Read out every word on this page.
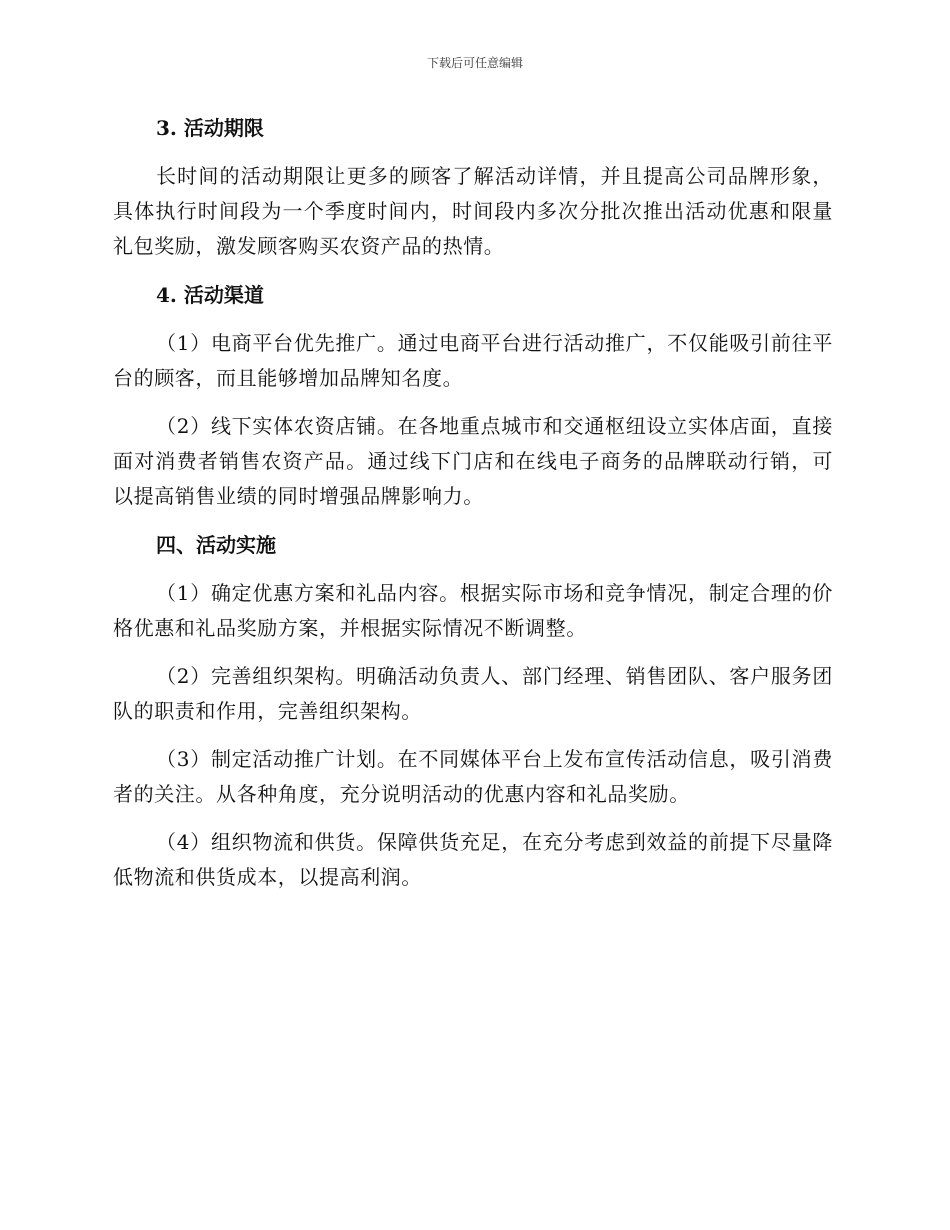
下载后可任意编辑
3. 活动期限

长时间的活动期限让更多的顾客了解活动详情，并且提高公司品牌形象，具体执行时间段为一个季度时间内，时间段内多次分批次推出活动优惠和限量礼包奖励，激发顾客购买农资产品的热情。

4. 活动渠道

（1）电商平台优先推广。通过电商平台进行活动推广，不仅能吸引前往平台的顾客，而且能够增加品牌知名度。

（2）线下实体农资店铺。在各地重点城市和交通枢纽设立实体店面，直接面对消费者销售农资产品。通过线下门店和在线电子商务的品牌联动行销，可以提高销售业绩的同时增强品牌影响力。

四、活动实施

（1）确定优惠方案和礼品内容。根据实际市场和竞争情况，制定合理的价格优惠和礼品奖励方案，并根据实际情况不断调整。

（2）完善组织架构。明确活动负责人、部门经理、销售团队、客户服务团队的职责和作用，完善组织架构。

（3）制定活动推广计划。在不同媒体平台上发布宣传活动信息，吸引消费者的关注。从各种角度，充分说明活动的优惠内容和礼品奖励。

（4）组织物流和供货。保障供货充足，在充分考虑到效益的前提下尽量降低物流和供货成本，以提高利润。
